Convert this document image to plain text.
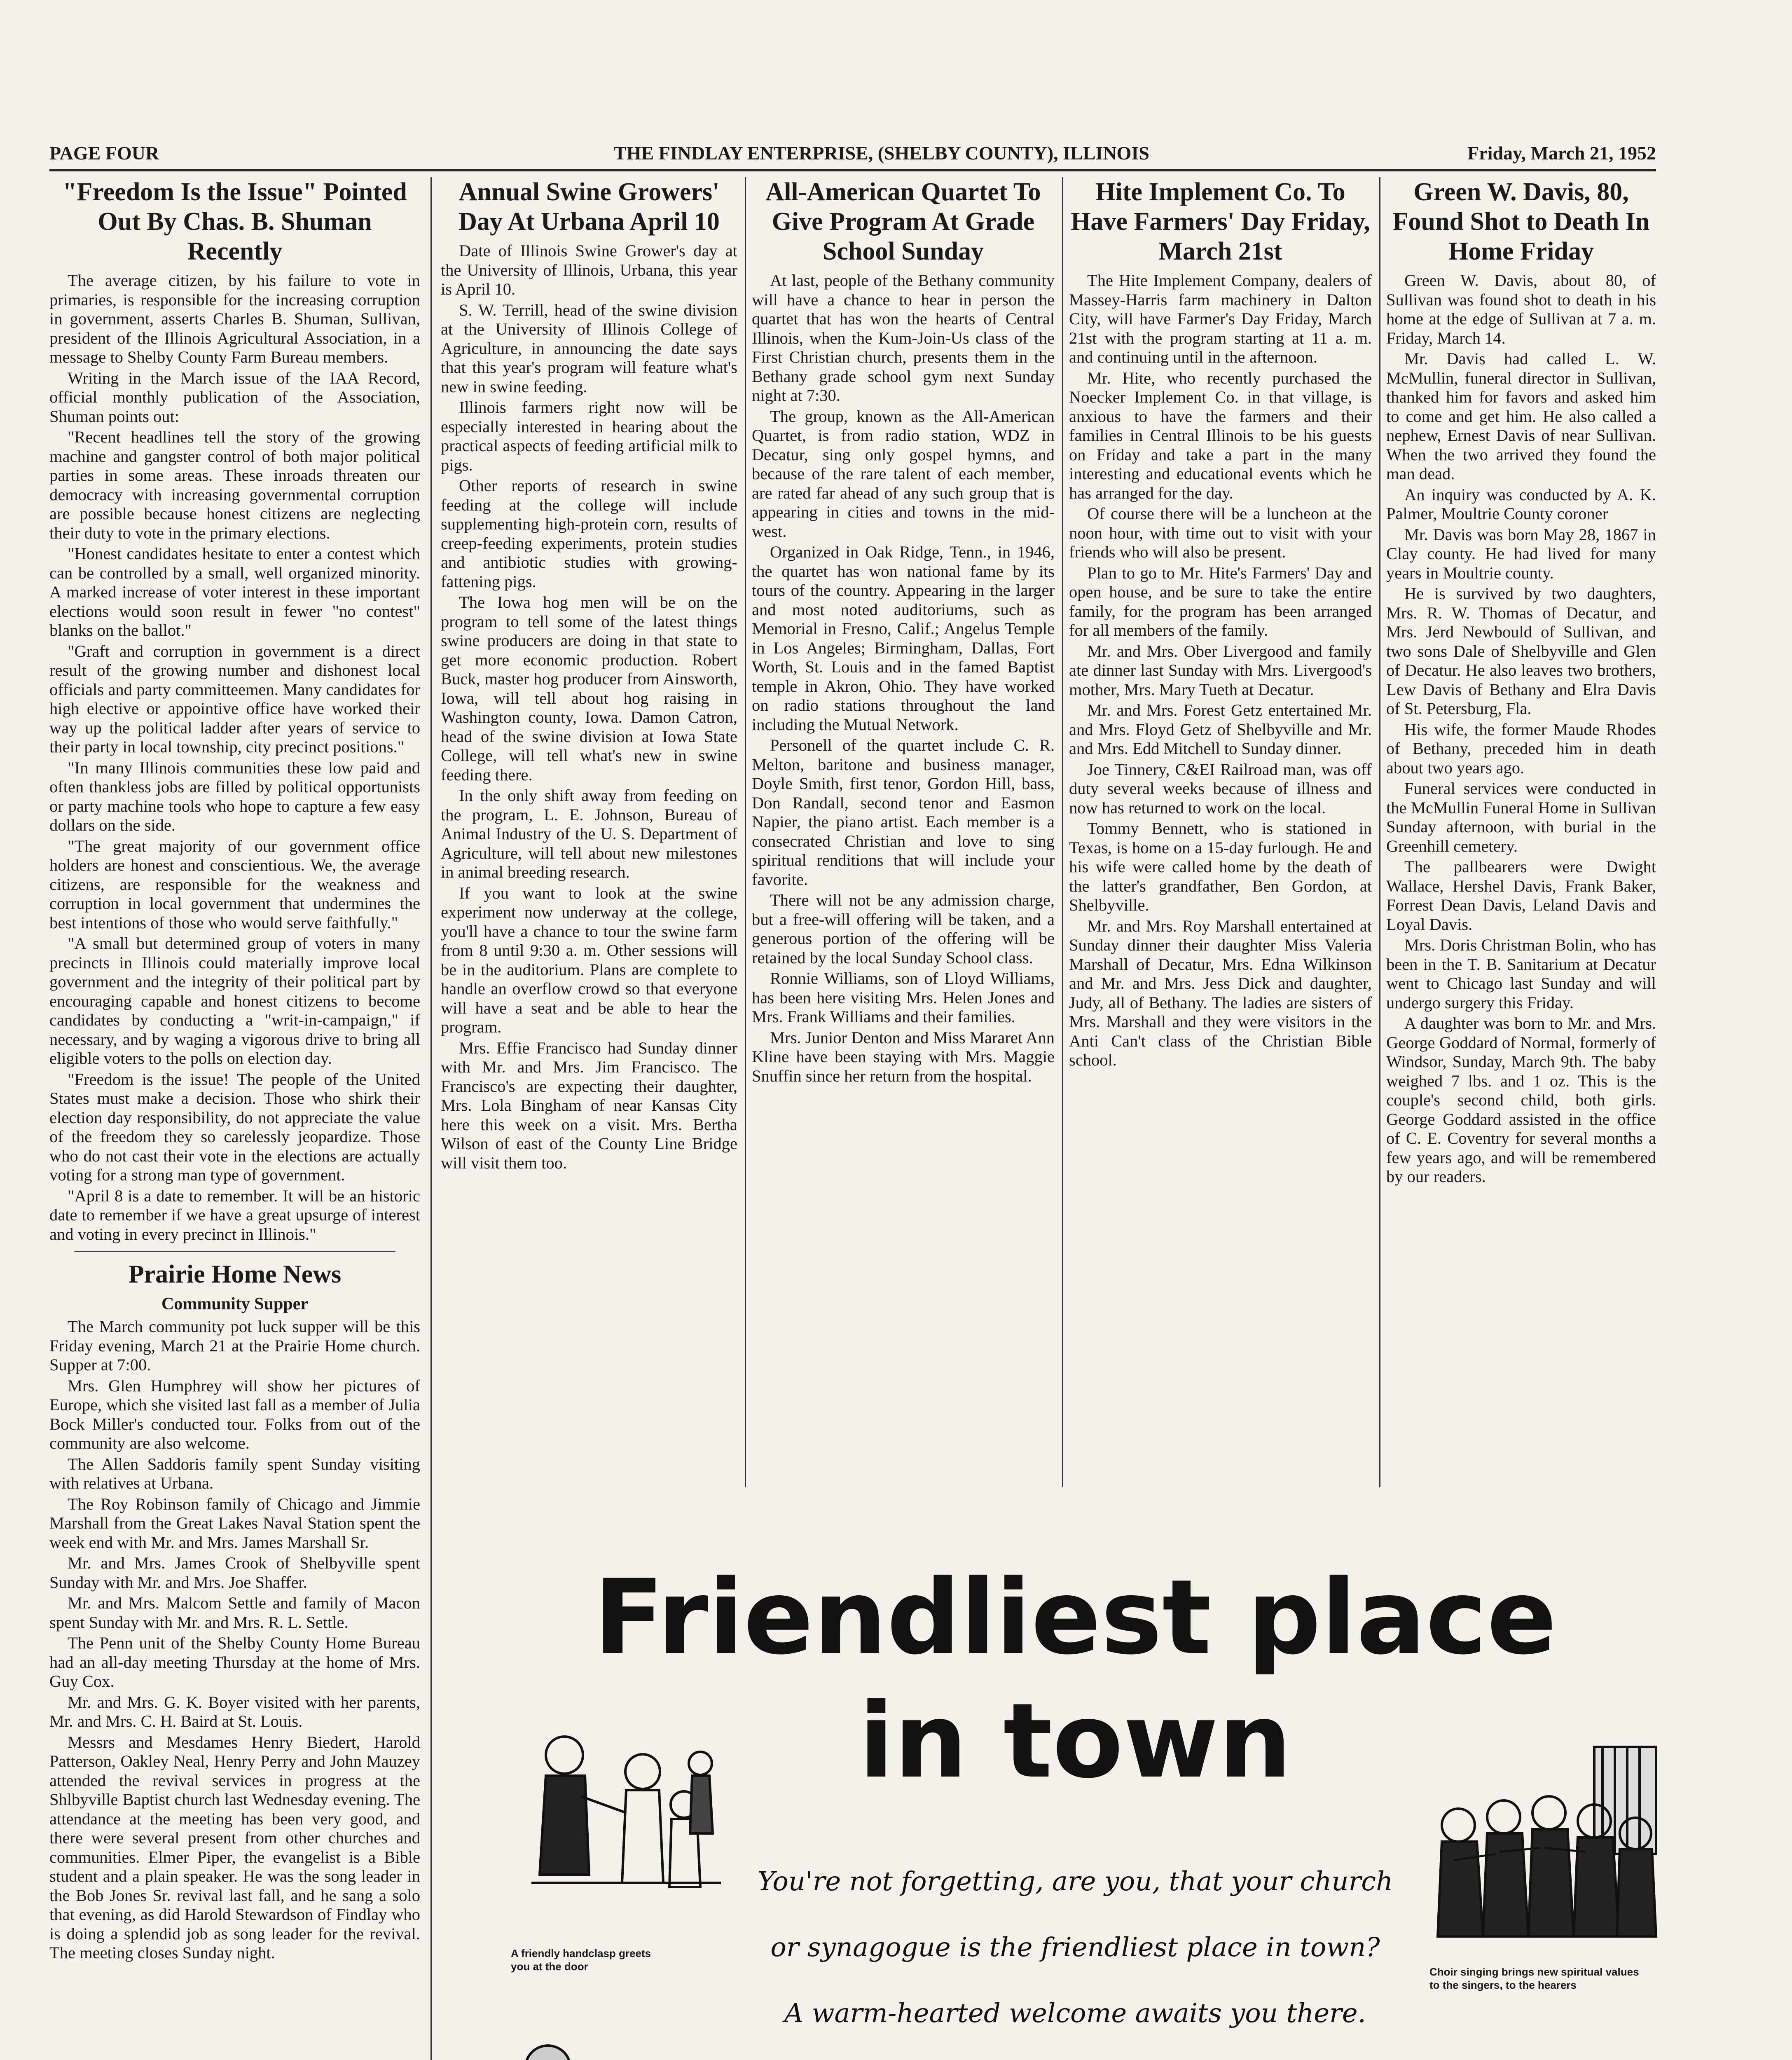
PAGE FOUR	THE FINDLAY ENTERPRISE, (SHELBY COUNTY), ILLINOIS	Friday, March 21, 1952
"Freedom Is the Issue" Pointed Out By Chas. B. Shuman Recently

The average citizen, by his failure to vote in primaries, is responsible for the increasing corruption in government, asserts Charles B. Shuman, Sullivan, president of the Illinois Agricultural Association, in a message to Shelby County Farm Bureau members.

Writing in the March issue of the IAA Record, official monthly publication of the Association, Shuman points out:

"Recent headlines tell the story of the growing machine and gangster control of both major political parties in some areas. These inroads threaten our democracy with increasing governmental corruption are possible because honest citizens are neglecting their duty to vote in the primary elections.

"Honest candidates hesitate to enter a contest which can be controlled by a small, well organized minority. A marked increase of voter interest in these important elections would soon result in fewer "no contest" blanks on the ballot."

"Graft and corruption in government is a direct result of the growing number and dishonest local officials and party committeemen. Many candidates for high elective or appointive office have worked their way up the political ladder after years of service to their party in local township, city precinct positions."

"In many Illinois communities these low paid and often thankless jobs are filled by political opportunists or party machine tools who hope to capture a few easy dollars on the side.

"The great majority of our government office holders are honest and conscientious. We, the average citizens, are responsible for the weakness and corruption in local government that undermines the best intentions of those who would serve faithfully."

"A small but determined group of voters in many precincts in Illinois could materially improve local government and the integrity of their political part by encouraging capable and honest citizens to become candidates by conducting a "writ-in-campaign," if necessary, and by waging a vigorous drive to bring all eligible voters to the polls on election day.

"Freedom is the issue! The people of the United States must make a decision. Those who shirk their election day responsibility, do not appreciate the value of the freedom they so carelessly jeopardize. Those who do not cast their vote in the elections are actually voting for a strong man type of government.

"April 8 is a date to remember. It will be an historic date to remember if we have a great upsurge of interest and voting in every precinct in Illinois."

Prairie Home News
Community Supper

The March community pot luck supper will be this Friday evening, March 21 at the Prairie Home church. Supper at 7:00.

Mrs. Glen Humphrey will show her pictures of Europe, which she visited last fall as a member of Julia Bock Miller's conducted tour. Folks from out of the community are also welcome.

The Allen Saddoris family spent Sunday visiting with relatives at Urbana.

The Roy Robinson family of Chicago and Jimmie Marshall from the Great Lakes Naval Station spent the week end with Mr. and Mrs. James Marshall Sr.

Mr. and Mrs. James Crook of Shelbyville spent Sunday with Mr. and Mrs. Joe Shaffer.

Mr. and Mrs. Malcom Settle and family of Macon spent Sunday with Mr. and Mrs. R. L. Settle.

The Penn unit of the Shelby County Home Bureau had an all-day meeting Thursday at the home of Mrs. Guy Cox.

Mr. and Mrs. G. K. Boyer visited with her parents, Mr. and Mrs. C. H. Baird at St. Louis.

Messrs and Mesdames Henry Biedert, Harold Patterson, Oakley Neal, Henry Perry and John Mauzey attended the revival services in progress at the Shlbyville Baptist church last Wednesday evening. The attendance at the meeting has been very good, and there were several present from other churches and communities. Elmer Piper, the evangelist is a Bible student and a plain speaker. He was the song leader in the Bob Jones Sr. revival last fall, and he sang a solo that evening, as did Harold Stewardson of Findlay who is doing a splendid job as song leader for the revival. The meeting closes Sunday night.

Annual Swine Growers' Day At Urbana April 10

Date of Illinois Swine Grower's day at the University of Illinois, Urbana, this year is April 10.

S. W. Terrill, head of the swine division at the University of Illinois College of Agriculture, in announcing the date says that this year's program will feature what's new in swine feeding.

Illinois farmers right now will be especially interested in hearing about the practical aspects of feeding artificial milk to pigs.

Other reports of research in swine feeding at the college will include supplementing high-protein corn, results of creep-feeding experiments, protein studies and antibiotic studies with growing-fattening pigs.

The Iowa hog men will be on the program to tell some of the latest things swine producers are doing in that state to get more economic production. Robert Buck, master hog producer from Ainsworth, Iowa, will tell about hog raising in Washington county, Iowa. Damon Catron, head of the swine division at Iowa State College, will tell what's new in swine feeding there.

In the only shift away from feeding on the program, L. E. Johnson, Bureau of Animal Industry of the U. S. Department of Agriculture, will tell about new milestones in animal breeding research.

If you want to look at the swine experiment now underway at the college, you'll have a chance to tour the swine farm from 8 until 9:30 a. m. Other sessions will be in the auditorium. Plans are complete to handle an overflow crowd so that everyone will have a seat and be able to hear the program.

Mrs. Effie Francisco had Sunday dinner with Mr. and Mrs. Jim Francisco. The Francisco's are expecting their daughter, Mrs. Lola Bingham of near Kansas City here this week on a visit. Mrs. Bertha Wilson of east of the County Line Bridge will visit them too.

All-American Quartet To Give Program At Grade School Sunday

At last, people of the Bethany community will have a chance to hear in person the quartet that has won the hearts of Central Illinois, when the Kum-Join-Us class of the First Christian church, presents them in the Bethany grade school gym next Sunday night at 7:30.

The group, known as the All-American Quartet, is from radio station, WDZ in Decatur, sing only gospel hymns, and because of the rare talent of each member, are rated far ahead of any such group that is appearing in cities and towns in the mid-west.

Organized in Oak Ridge, Tenn., in 1946, the quartet has won national fame by its tours of the country. Appearing in the larger and most noted auditoriums, such as Memorial in Fresno, Calif.; Angelus Temple in Los Angeles; Birmingham, Dallas, Fort Worth, St. Louis and in the famed Baptist temple in Akron, Ohio. They have worked on radio stations throughout the land including the Mutual Network.

Personell of the quartet include C. R. Melton, baritone and business manager, Doyle Smith, first tenor, Gordon Hill, bass, Don Randall, second tenor and Easmon Napier, the piano artist. Each member is a consecrated Christian and love to sing spiritual renditions that will include your favorite.

There will not be any admission charge, but a free-will offering will be taken, and a generous portion of the offering will be retained by the local Sunday School class.

Ronnie Williams, son of Lloyd Williams, has been here visiting Mrs. Helen Jones and Mrs. Frank Williams and their families.

Mrs. Junior Denton and Miss Mararet Ann Kline have been staying with Mrs. Maggie Snuffin since her return from the hospital.

Hite Implement Co. To Have Farmers' Day Friday, March 21st

The Hite Implement Company, dealers of Massey-Harris farm machinery in Dalton City, will have Farmer's Day Friday, March 21st with the program starting at 11 a. m. and continuing until in the afternoon.

Mr. Hite, who recently purchased the Noecker Implement Co. in that village, is anxious to have the farmers and their families in Central Illinois to be his guests on Friday and take a part in the many interesting and educational events which he has arranged for the day.

Of course there will be a luncheon at the noon hour, with time out to visit with your friends who will also be present.

Plan to go to Mr. Hite's Farmers' Day and open house, and be sure to take the entire family, for the program has been arranged for all members of the family.

Mr. and Mrs. Ober Livergood and family ate dinner last Sunday with Mrs. Livergood's mother, Mrs. Mary Tueth at Decatur.

Mr. and Mrs. Forest Getz entertained Mr. and Mrs. Floyd Getz of Shelbyville and Mr. and Mrs. Edd Mitchell to Sunday dinner.

Joe Tinnery, C&EI Railroad man, was off duty several weeks because of illness and now has returned to work on the local.

Tommy Bennett, who is stationed in Texas, is home on a 15-day furlough. He and his wife were called home by the death of the latter's grandfather, Ben Gordon, at Shelbyville.

Mr. and Mrs. Roy Marshall entertained at Sunday dinner their daughter Miss Valeria Marshall of Decatur, Mrs. Edna Wilkinson and Mr. and Mrs. Jess Dick and daughter, Judy, all of Bethany. The ladies are sisters of Mrs. Marshall and they were visitors in the Anti Can't class of the Christian Bible school.

Green W. Davis, 80, Found Shot to Death In Home Friday

Green W. Davis, about 80, of Sullivan was found shot to death in his home at the edge of Sullivan at 7 a. m. Friday, March 14.

Mr. Davis had called L. W. McMullin, funeral director in Sullivan, thanked him for favors and asked him to come and get him. He also called a nephew, Ernest Davis of near Sullivan. When the two arrived they found the man dead.

An inquiry was conducted by A. K. Palmer, Moultrie County coroner

Mr. Davis was born May 28, 1867 in Clay county. He had lived for many years in Moultrie county.

He is survived by two daughters, Mrs. R. W. Thomas of Decatur, and Mrs. Jerd Newbould of Sullivan, and two sons Dale of Shelbyville and Glen of Decatur. He also leaves two brothers, Lew Davis of Bethany and Elra Davis of St. Petersburg, Fla.

His wife, the former Maude Rhodes of Bethany, preceded him in death about two years ago.

Funeral services were conducted in the McMullin Funeral Home in Sullivan Sunday afternoon, with burial in the Greenhill cemetery.

The pallbearers were Dwight Wallace, Hershel Davis, Frank Baker, Forrest Dean Davis, Leland Davis and Loyal Davis.

Mrs. Doris Christman Bolin, who has been in the T. B. Sanitarium at Decatur went to Chicago last Sunday and will undergo surgery this Friday.

A daughter was born to Mr. and Mrs. George Goddard of Normal, formerly of Windsor, Sunday, March 9th. The baby weighed 7 lbs. and 1 oz. This is the couple's second child, both girls. George Goddard assisted in the office of C. E. Coventry for several months a few years ago, and will be remembered by our readers.

Friendliest place
in town
You're not forgetting, are you, that your church
or synagogue is the friendliest place in town?
A warm-hearted welcome awaits you there.
A friendly handclasp greets you at the door	Choir singing brings new spiritual values to the singers, to the hearers
